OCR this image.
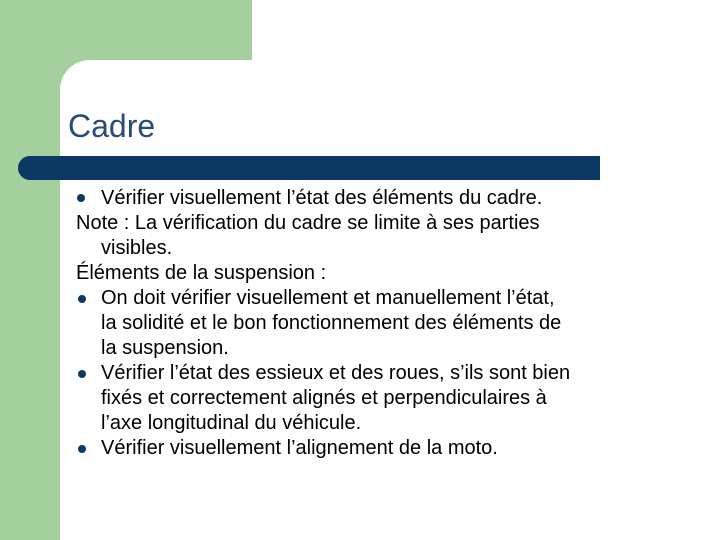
Cadre
Vérifier visuellement l’état des éléments du cadre.
Note : La vérification du cadre se limite à ses parties
visibles.
Éléments de la suspension :
On doit vérifier visuellement et manuellement l’état,
la solidité et le bon fonctionnement des éléments de
la suspension.
Vérifier l’état des essieux et des roues, s’ils sont bien
fixés et correctement alignés et perpendiculaires à
l’axe longitudinal du véhicule.
Vérifier visuellement l’alignement de la moto.
